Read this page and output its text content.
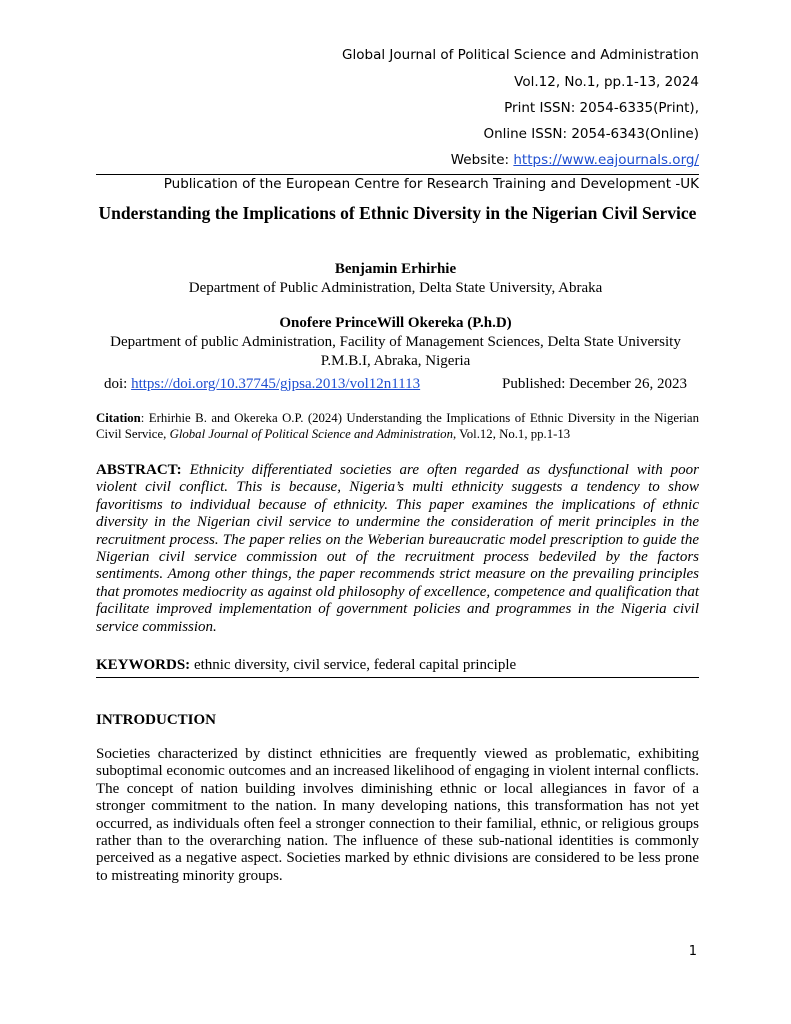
Global Journal of Political Science and Administration
Vol.12, No.1, pp.1-13, 2024
Print ISSN: 2054-6335(Print),
Online ISSN: 2054-6343(Online)
Website: https://www.eajournals.org/
Publication of the European Centre for Research Training and Development -UK
Understanding the Implications of Ethnic Diversity in the Nigerian Civil Service
Benjamin Erhirhie
Department of Public Administration, Delta State University, Abraka
Onofere PrinceWill Okereka (P.h.D)
Department of public Administration, Facility of Management Sciences, Delta State University
P.M.B.I, Abraka, Nigeria
doi: https://doi.org/10.37745/gjpsa.2013/vol12n1113	Published: December 26, 2023
Citation: Erhirhie B. and Okereka O.P. (2024) Understanding the Implications of Ethnic Diversity in the Nigerian Civil Service, Global Journal of Political Science and Administration, Vol.12, No.1, pp.1-13
ABSTRACT: Ethnicity differentiated societies are often regarded as dysfunctional with poor violent civil conflict. This is because, Nigeria’s multi ethnicity suggests a tendency to show favoritisms to individual because of ethnicity. This paper examines the implications of ethnic diversity in the Nigerian civil service to undermine the consideration of merit principles in the recruitment process. The paper relies on the Weberian bureaucratic model prescription to guide the Nigerian civil service commission out of the recruitment process bedeviled by the factors sentiments. Among other things, the paper recommends strict measure on the prevailing principles that promotes mediocrity as against old philosophy of excellence, competence and qualification that facilitate improved implementation of government policies and programmes in the Nigeria civil service commission.
KEYWORDS: ethnic diversity, civil service, federal capital principle
INTRODUCTION
Societies characterized by distinct ethnicities are frequently viewed as problematic, exhibiting suboptimal economic outcomes and an increased likelihood of engaging in violent internal conflicts. The concept of nation building involves diminishing ethnic or local allegiances in favor of a stronger commitment to the nation. In many developing nations, this transformation has not yet occurred, as individuals often feel a stronger connection to their familial, ethnic, or religious groups rather than to the overarching nation. The influence of these sub-national identities is commonly perceived as a negative aspect. Societies marked by ethnic divisions are considered to be less prone to mistreating minority groups.
1
